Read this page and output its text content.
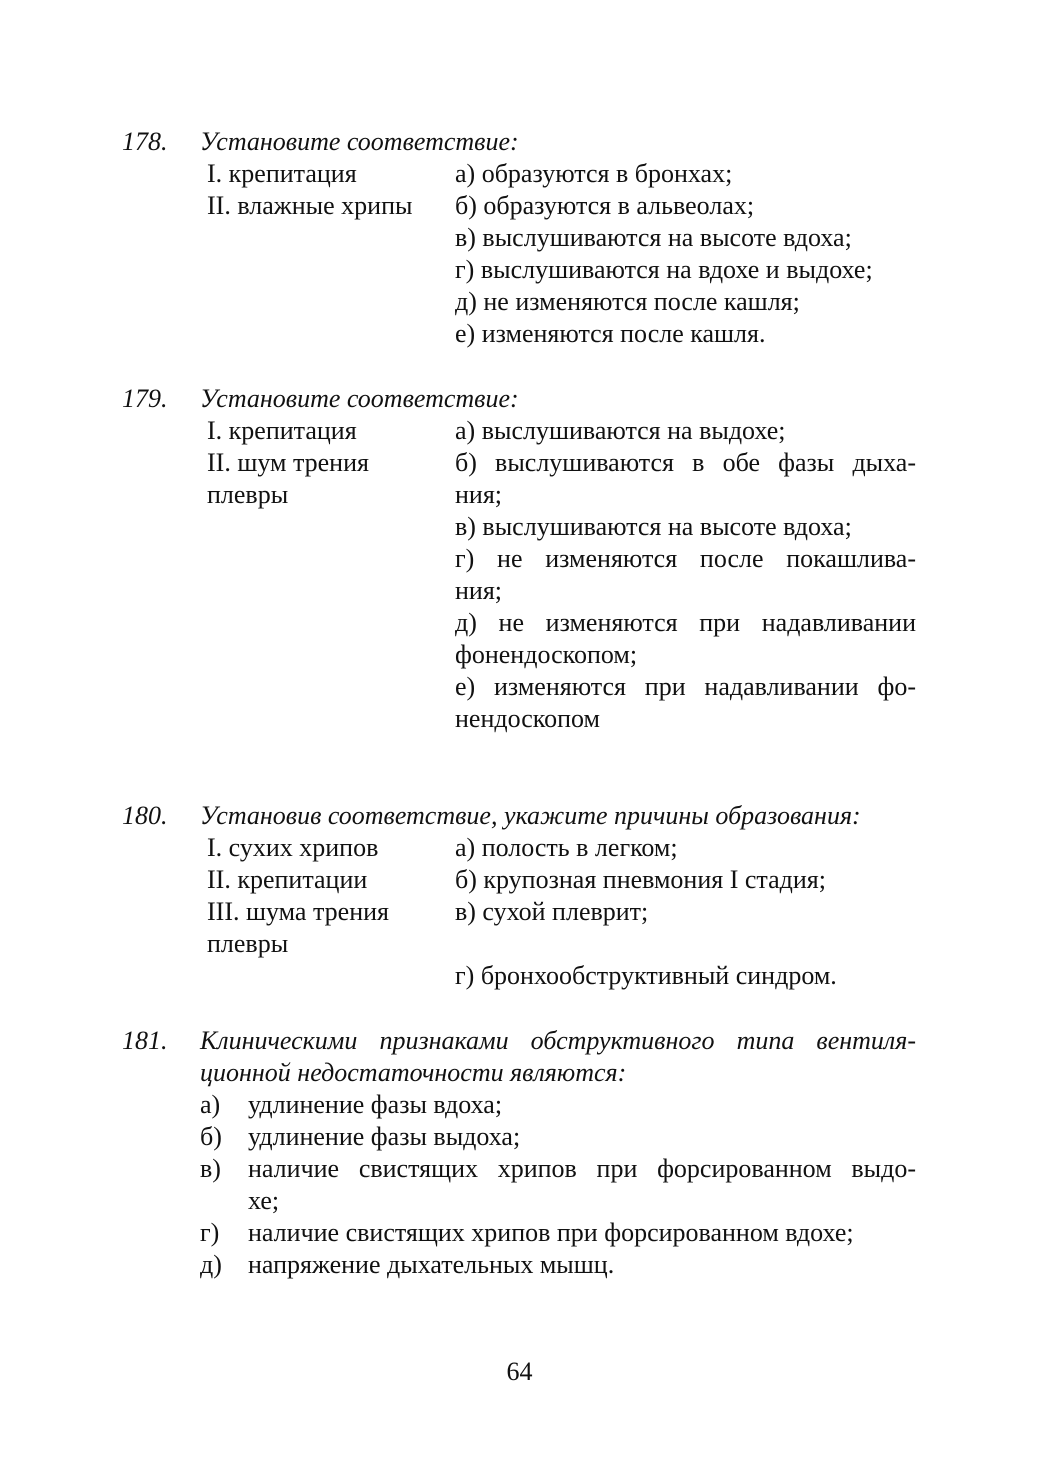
178. Установите соответствие:
I. крепитация
II. влажные хрипы
а) образуются в бронхах;
б) образуются в альвеолах;
в) выслушиваются на высоте вдоха;
г) выслушиваются на вдохе и выдохе;
д) не изменяются после кашля;
е) изменяются после кашля.
179. Установите соответствие:
I. крепитация
II. шум трения
плевры
а) выслушиваются на выдохе;
б) выслушиваются в обе фазы дыха-
ния;
в) выслушиваются на высоте вдоха;
г) не изменяются после покашлива-
ния;
д) не изменяются при надавливании
фонендоскопом;
е) изменяются при надавливании фо-
нендоскопом
180. Установив соответствие, укажите причины образования:
I. сухих хрипов
II. крепитации
III. шума трения
плевры
а) полость в легком;
б) крупозная пневмония I стадия;
в) сухой плеврит;
г) бронхообструктивный синдром.
181. Клиническими признаками обструктивного типа вентиля-
ционной недостаточности являются:
а) удлинение фазы вдоха;
б) удлинение фазы выдоха;
в) наличие свистящих хрипов при форсированном выдо-
хе;
г) наличие свистящих хрипов при форсированном вдохе;
д) напряжение дыхательных мышц.
64
